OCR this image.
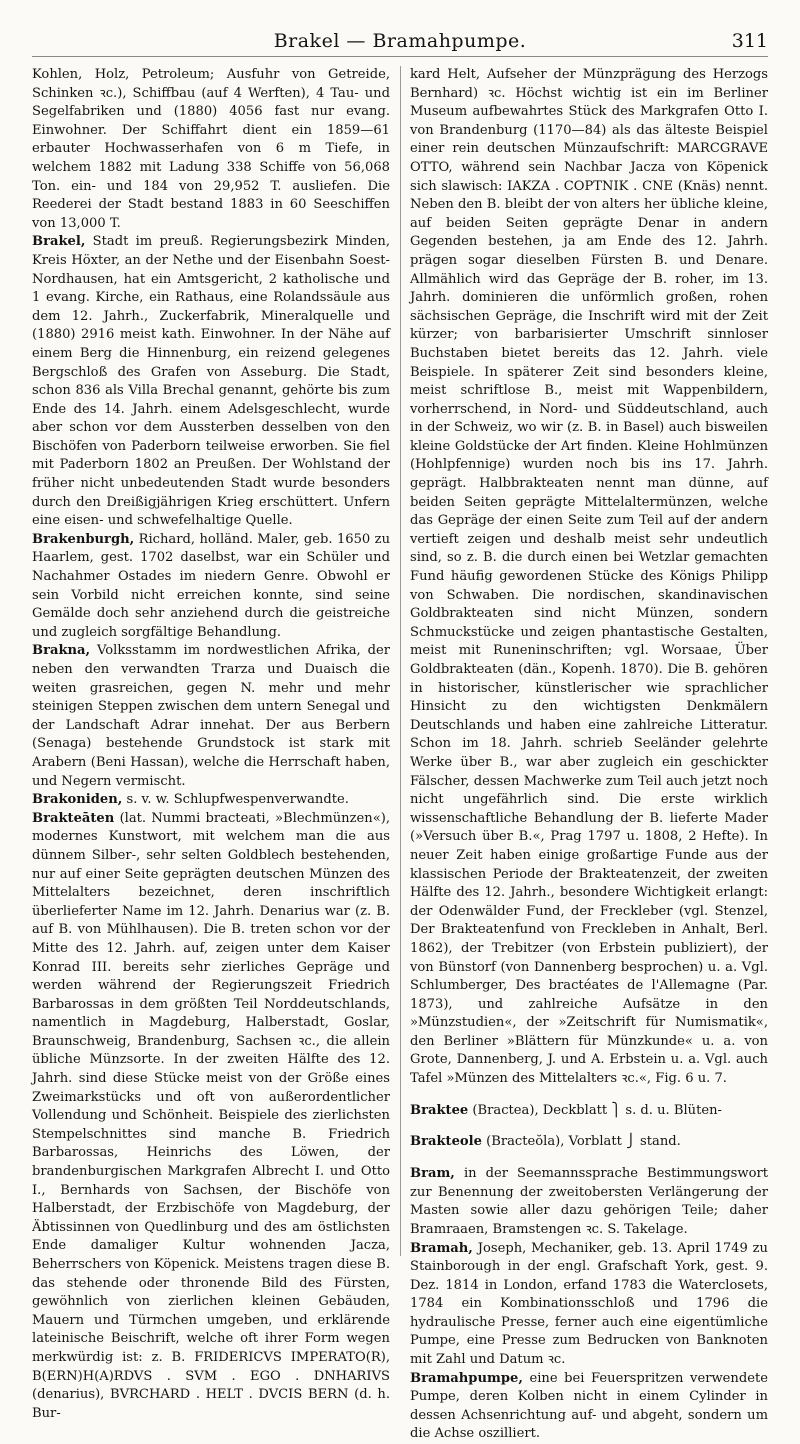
Brakel — Bramahpumpe.	311

Kohlen, Holz, Petroleum; Ausfuhr von Getreide, Schinken ꝛc.), Schiffbau (auf 4 Werften), 4 Tau- und Segelfabriken und (1880) 4056 fast nur evang. Einwohner. Der Schiffahrt dient ein 1859—61 erbauter Hochwasserhafen von 6 m Tiefe, in welchem 1882 mit Ladung 338 Schiffe von 56,068 Ton. ein- und 184 von 29,952 T. ausliefen. Die Reederei der Stadt bestand 1883 in 60 Seeschiffen von 13,000 T.

Brakel, Stadt im preuß. Regierungsbezirk Minden, Kreis Höxter, an der Nethe und der Eisenbahn Soest-Nordhausen, hat ein Amtsgericht, 2 katholische und 1 evang. Kirche, ein Rathaus, eine Rolandssäule aus dem 12. Jahrh., Zuckerfabrik, Mineralquelle und (1880) 2916 meist kath. Einwohner. In der Nähe auf einem Berg die Hinnenburg, ein reizend gelegenes Bergschloß des Grafen von Asseburg. Die Stadt, schon 836 als Villa Brechal genannt, gehörte bis zum Ende des 14. Jahrh. einem Adelsgeschlecht, wurde aber schon vor dem Aussterben desselben von den Bischöfen von Paderborn teilweise erworben. Sie fiel mit Paderborn 1802 an Preußen. Der Wohlstand der früher nicht unbedeutenden Stadt wurde besonders durch den Dreißigjährigen Krieg erschüttert. Unfern eine eisen- und schwefelhaltige Quelle.

Brakenburgh, Richard, holländ. Maler, geb. 1650 zu Haarlem, gest. 1702 daselbst, war ein Schüler und Nachahmer Ostades im niedern Genre. Obwohl er sein Vorbild nicht erreichen konnte, sind seine Gemälde doch sehr anziehend durch die geistreiche und zugleich sorgfältige Behandlung.

Brakna, Volksstamm im nordwestlichen Afrika, der neben den verwandten Trarza und Duaisch die weiten grasreichen, gegen N. mehr und mehr steinigen Steppen zwischen dem untern Senegal und der Landschaft Adrar innehat. Der aus Berbern (Senaga) bestehende Grundstock ist stark mit Arabern (Beni Hassan), welche die Herrschaft haben, und Negern vermischt.

Brakoniden, s. v. w. Schlupfwespenverwandte.

Brakteāten (lat. Nummi bracteati, »Blechmünzen«), modernes Kunstwort, mit welchem man die aus dünnem Silber-, sehr selten Goldblech bestehenden, nur auf einer Seite geprägten deutschen Münzen des Mittelalters bezeichnet, deren inschriftlich überlieferter Name im 12. Jahrh. Denarius war (z. B. auf B. von Mühlhausen). Die B. treten schon vor der Mitte des 12. Jahrh. auf, zeigen unter dem Kaiser Konrad III. bereits sehr zierliches Gepräge und werden während der Regierungszeit Friedrich Barbarossas in dem größten Teil Norddeutschlands, namentlich in Magdeburg, Halberstadt, Goslar, Braunschweig, Brandenburg, Sachsen ꝛc., die allein übliche Münzsorte. In der zweiten Hälfte des 12. Jahrh. sind diese Stücke meist von der Größe eines Zweimarkstücks und oft von außerordentlicher Vollendung und Schönheit. Beispiele des zierlichsten Stempelschnittes sind manche B. Friedrich Barbarossas, Heinrichs des Löwen, der brandenburgischen Markgrafen Albrecht I. und Otto I., Bernhards von Sachsen, der Bischöfe von Halberstadt, der Erzbischöfe von Magdeburg, der Äbtissinnen von Quedlinburg und des am östlichsten Ende damaliger Kultur wohnenden Jacza, Beherrschers von Köpenick. Meistens tragen diese B. das stehende oder thronende Bild des Fürsten, gewöhnlich von zierlichen kleinen Gebäuden, Mauern und Türmchen umgeben, und erklärende lateinische Beischrift, welche oft ihrer Form wegen merkwürdig ist: z. B. FRIDERICVS IMPERATO(R), B(ERN)H(A)RDVS . SVM . EGO . DNHARIVS (denarius), BVRCHARD . HELT . DVCIS BERN (d. h. Bur-

kard Helt, Aufseher der Münzprägung des Herzogs Bernhard) ꝛc. Höchst wichtig ist ein im Berliner Museum aufbewahrtes Stück des Markgrafen Otto I. von Brandenburg (1170—84) als das älteste Beispiel einer rein deutschen Münzaufschrift: MARCGRAVE OTTO, während sein Nachbar Jacza von Köpenick sich slawisch: IAKZA . COPTNIK . CNE (Knäs) nennt. Neben den B. bleibt der von alters her übliche kleine, auf beiden Seiten geprägte Denar in andern Gegenden bestehen, ja am Ende des 12. Jahrh. prägen sogar dieselben Fürsten B. und Denare. Allmählich wird das Gepräge der B. roher, im 13. Jahrh. dominieren die unförmlich großen, rohen sächsischen Gepräge, die Inschrift wird mit der Zeit kürzer; von barbarisierter Umschrift sinnloser Buchstaben bietet bereits das 12. Jahrh. viele Beispiele. In späterer Zeit sind besonders kleine, meist schriftlose B., meist mit Wappenbildern, vorherrschend, in Nord- und Süddeutschland, auch in der Schweiz, wo wir (z. B. in Basel) auch bisweilen kleine Goldstücke der Art finden. Kleine Hohlmünzen (Hohlpfennige) wurden noch bis ins 17. Jahrh. geprägt. Halbbrakteaten nennt man dünne, auf beiden Seiten geprägte Mittelaltermünzen, welche das Gepräge der einen Seite zum Teil auf der andern vertieft zeigen und deshalb meist sehr undeutlich sind, so z. B. die durch einen bei Wetzlar gemachten Fund häufig gewordenen Stücke des Königs Philipp von Schwaben. Die nordischen, skandinavischen Goldbrakteaten sind nicht Münzen, sondern Schmuckstücke und zeigen phantastische Gestalten, meist mit Runeninschriften; vgl. Worsaae, Über Goldbrakteaten (dän., Kopenh. 1870). Die B. gehören in historischer, künstlerischer wie sprachlicher Hinsicht zu den wichtigsten Denkmälern Deutschlands und haben eine zahlreiche Litteratur. Schon im 18. Jahrh. schrieb Seeländer gelehrte Werke über B., war aber zugleich ein geschickter Fälscher, dessen Machwerke zum Teil auch jetzt noch nicht ungefährlich sind. Die erste wirklich wissenschaftliche Behandlung der B. lieferte Mader (»Versuch über B.«, Prag 1797 u. 1808, 2 Hefte). In neuer Zeit haben einige großartige Funde aus der klassischen Periode der Brakteatenzeit, der zweiten Hälfte des 12. Jahrh., besondere Wichtigkeit erlangt: der Odenwälder Fund, der Freckleber (vgl. Stenzel, Der Brakteatenfund von Freckleben in Anhalt, Berl. 1862), der Trebitzer (von Erbstein publiziert), der von Bünstorf (von Dannenberg besprochen) u. a. Vgl. Schlumberger, Des bractéates de l'Allemagne (Par. 1873), und zahlreiche Aufsätze in den »Münzstudien«, der »Zeitschrift für Numismatik«, den Berliner »Blättern für Münzkunde« u. a. von Grote, Dannenberg, J. und A. Erbstein u. a. Vgl. auch Tafel »Münzen des Mittelalters ꝛc.«, Fig. 6 u. 7.

Braktee (Bractea), Deckblatt ⎫ s. d. u. Blüten-

Brakteole (Bracteŏla), Vorblatt ⎭ stand.

Bram, in der Seemannssprache Bestimmungswort zur Benennung der zweitobersten Verlängerung der Masten sowie aller dazu gehörigen Teile; daher Bramraaen, Bramstengen ꝛc. S. Takelage.

Bramah, Joseph, Mechaniker, geb. 13. April 1749 zu Stainborough in der engl. Grafschaft York, gest. 9. Dez. 1814 in London, erfand 1783 die Waterclosets, 1784 ein Kombinationsschloß und 1796 die hydraulische Presse, ferner auch eine eigentümliche Pumpe, eine Presse zum Bedrucken von Banknoten mit Zahl und Datum ꝛc.

Bramahpumpe, eine bei Feuerspritzen verwendete Pumpe, deren Kolben nicht in einem Cylinder in dessen Achsenrichtung auf- und abgeht, sondern um die Achse oszilliert.
